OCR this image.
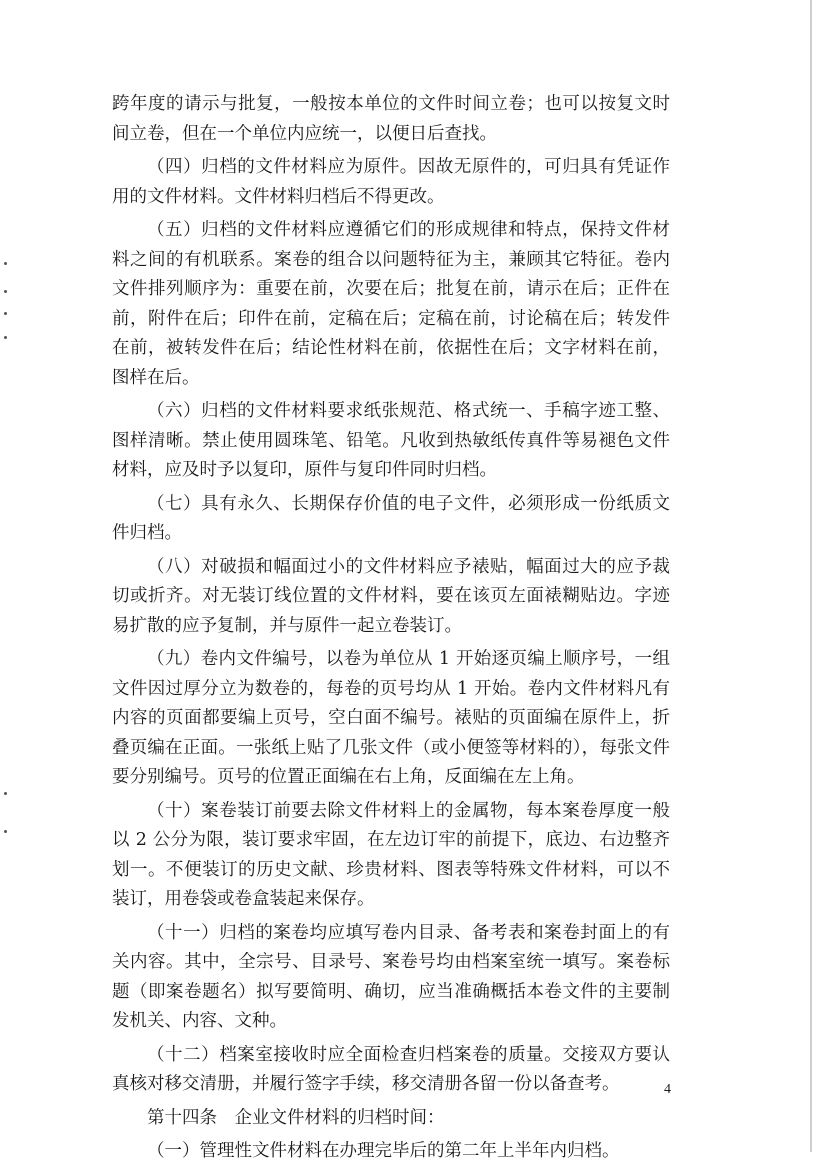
跨年度的请示与批复，一般按本单位的文件时间立卷；也可以按复文时间立卷，但在一个单位内应统一，以便日后查找。

（四）归档的文件材料应为原件。因故无原件的，可归具有凭证作用的文件材料。文件材料归档后不得更改。

（五）归档的文件材料应遵循它们的形成规律和特点，保持文件材料之间的有机联系。案卷的组合以问题特征为主，兼顾其它特征。卷内文件排列顺序为：重要在前，次要在后；批复在前，请示在后；正件在前，附件在后；印件在前，定稿在后；定稿在前，讨论稿在后；转发件在前，被转发件在后；结论性材料在前，依据性在后；文字材料在前，图样在后。

（六）归档的文件材料要求纸张规范、格式统一、手稿字迹工整、图样清晰。禁止使用圆珠笔、铅笔。凡收到热敏纸传真件等易褪色文件材料，应及时予以复印，原件与复印件同时归档。

（七）具有永久、长期保存价值的电子文件，必须形成一份纸质文件归档。

（八）对破损和幅面过小的文件材料应予裱贴，幅面过大的应予裁切或折齐。对无装订线位置的文件材料，要在该页左面裱糊贴边。字迹易扩散的应予复制，并与原件一起立卷装订。

（九）卷内文件编号，以卷为单位从 1 开始逐页编上顺序号，一组文件因过厚分立为数卷的，每卷的页号均从 1 开始。卷内文件材料凡有内容的页面都要编上页号，空白面不编号。裱贴的页面编在原件上，折叠页编在正面。一张纸上贴了几张文件（或小便签等材料的），每张文件要分别编号。页号的位置正面编在右上角，反面编在左上角。

（十）案卷装订前要去除文件材料上的金属物，每本案卷厚度一般以 2 公分为限，装订要求牢固，在左边订牢的前提下，底边、右边整齐划一。不便装订的历史文献、珍贵材料、图表等特殊文件材料，可以不装订，用卷袋或卷盒装起来保存。

（十一）归档的案卷均应填写卷内目录、备考表和案卷封面上的有关内容。其中，全宗号、目录号、案卷号均由档案室统一填写。案卷标题（即案卷题名）拟写要简明、确切，应当准确概括本卷文件的主要制发机关、内容、文种。

（十二）档案室接收时应全面检查归档案卷的质量。交接双方要认真核对移交清册，并履行签字手续，移交清册各留一份以备查考。

第十四条　企业文件材料的归档时间：

（一）管理性文件材料在办理完毕后的第二年上半年内归档。

4
